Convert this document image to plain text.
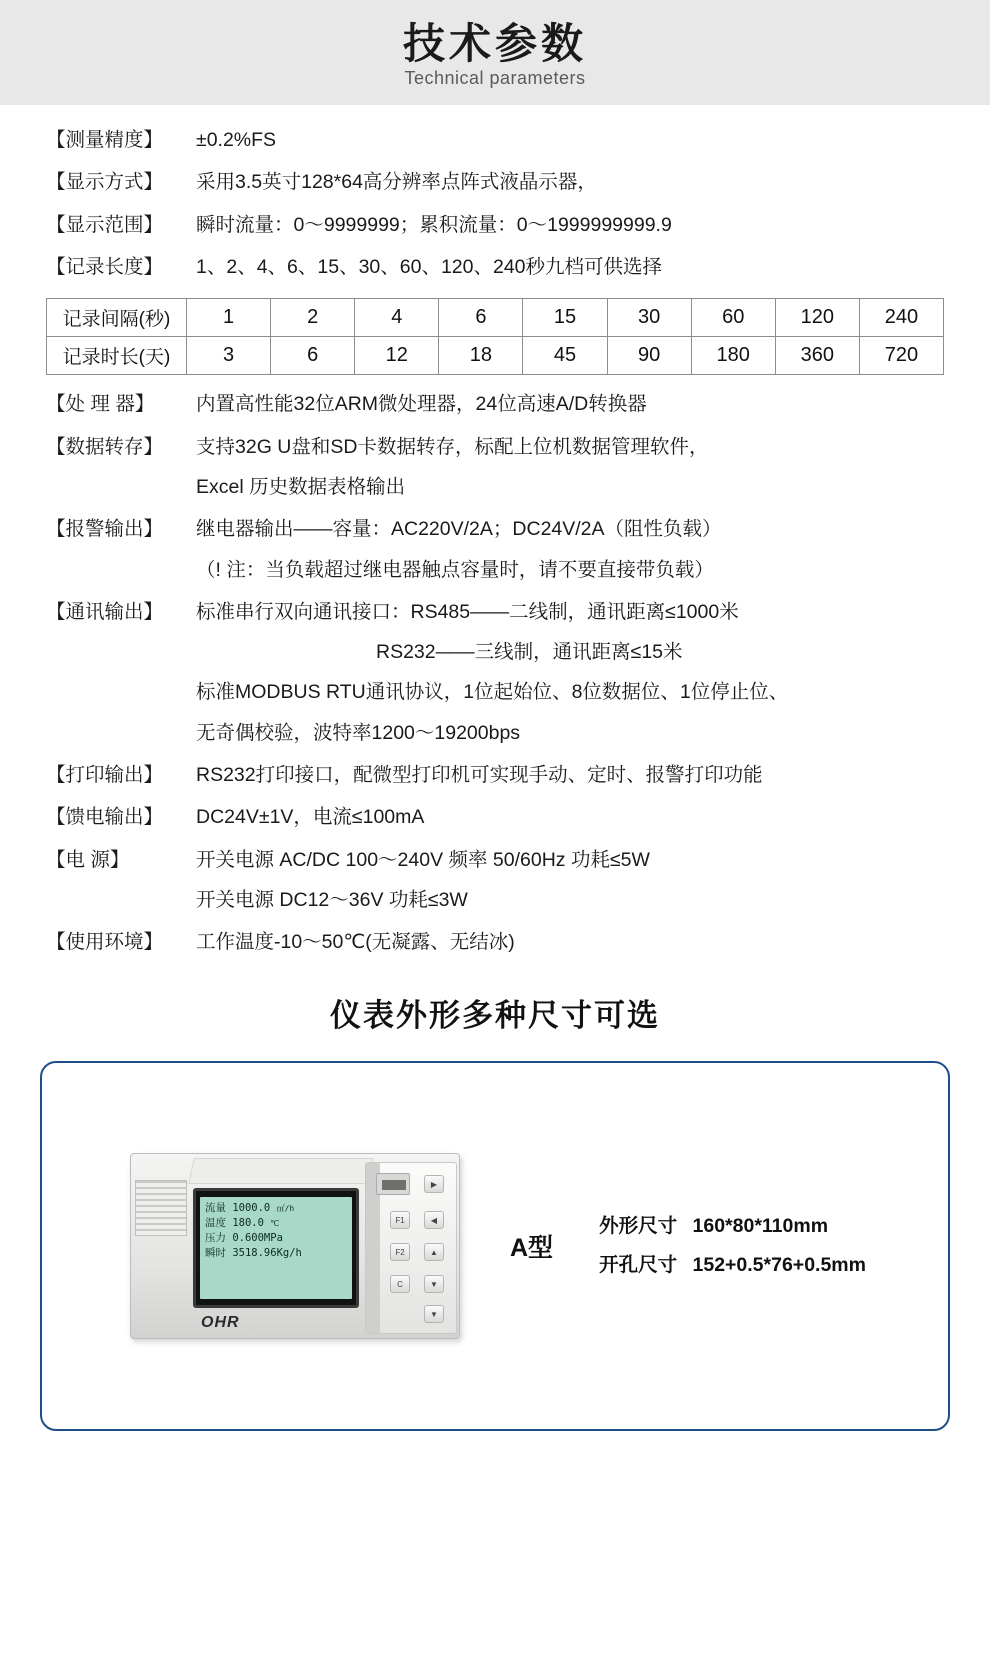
技术参数
Technical parameters
【测量精度】	±0.2%FS
【显示方式】	采用3.5英寸128*64高分辨率点阵式液晶示器，
【显示范围】	瞬时流量：0～9999999；累积流量：0～1999999999.9
【记录长度】	1、2、4、6、15、30、60、120、240秒九档可供选择
记录间隔(秒)	1	2	4	6	15	30	60	120	240
记录时长(天)	3	6	12	18	45	90	180	360	720
【处 理 器】	内置高性能32位ARM微处理器，24位高速A/D转换器
【数据转存】	支持32G U盘和SD卡数据转存，标配上位机数据管理软件，
Excel 历史数据表格输出
【报警输出】	继电器输出——容量：AC220V/2A；DC24V/2A（阻性负载）
（! 注：当负载超过继电器触点容量时，请不要直接带负载）
【通讯输出】	标准串行双向通讯接口：RS485——二线制，通讯距离≤1000米
RS232——三线制，通讯距离≤15米
标准MODBUS RTU通讯协议，1位起始位、8位数据位、1位停止位、
无奇偶校验，波特率1200～19200bps
【打印输出】	RS232打印接口，配微型打印机可实现手动、定时、报警打印功能
【馈电输出】	DC24V±1V，电流≤100mA
【电 源】	开关电源 AC/DC 100～240V 频率 50/60Hz 功耗≤5W
开关电源 DC12～36V 功耗≤3W
【使用环境】	工作温度-10～50℃(无凝露、无结冰)
仪表外形多种尺寸可选
流量 1000.0 ㎡/h
温度 180.0 ℃
压力 0.600MPa
瞬时 3518.96Kg/h
OHR
▶
◀
F1
▲
F2
▼
C
▼
A型
外形尺寸 160*80*110mm
开孔尺寸 152+0.5*76+0.5mm
